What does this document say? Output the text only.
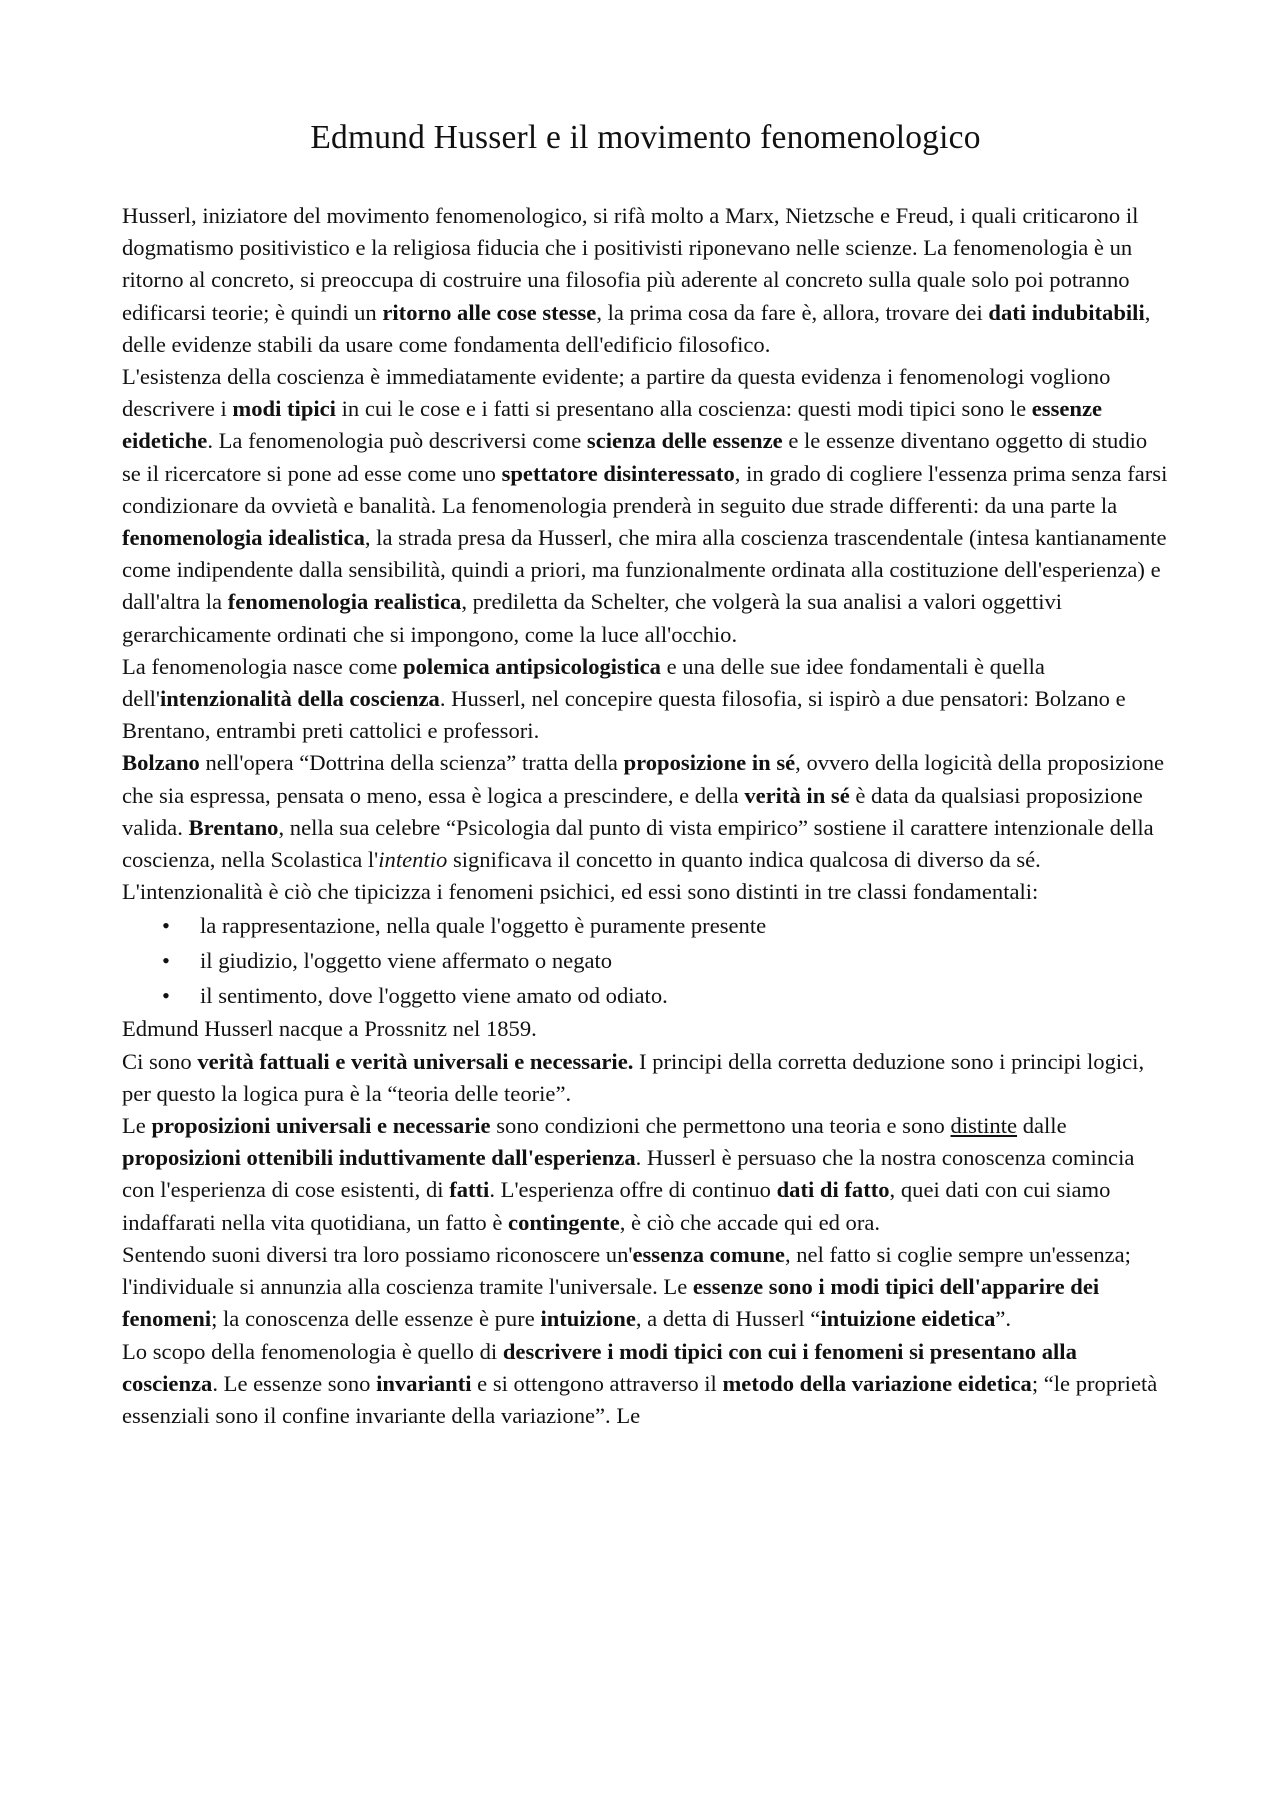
Edmund Husserl e il movimento fenomenologico

Husserl, iniziatore del movimento fenomenologico, si rifà molto a Marx, Nietzsche e Freud, i quali criticarono il dogmatismo positivistico e la religiosa fiducia che i positivisti riponevano nelle scienze. La fenomenologia è un ritorno al concreto, si preoccupa di costruire una filosofia più aderente al concreto sulla quale solo poi potranno edificarsi teorie; è quindi un ritorno alle cose stesse, la prima cosa da fare è, allora, trovare dei dati indubitabili, delle evidenze stabili da usare come fondamenta dell'edificio filosofico.

L'esistenza della coscienza è immediatamente evidente; a partire da questa evidenza i fenomenologi vogliono descrivere i modi tipici in cui le cose e i fatti si presentano alla coscienza: questi modi tipici sono le essenze eidetiche. La fenomenologia può descriversi come scienza delle essenze e le essenze diventano oggetto di studio se il ricercatore si pone ad esse come uno spettatore disinteressato, in grado di cogliere l'essenza prima senza farsi condizionare da ovvietà e banalità. La fenomenologia prenderà in seguito due strade differenti: da una parte la fenomenologia idealistica, la strada presa da Husserl, che mira alla coscienza trascendentale (intesa kantianamente come indipendente dalla sensibilità, quindi a priori, ma funzionalmente ordinata alla costituzione dell'esperienza) e dall'altra la fenomenologia realistica, prediletta da Schelter, che volgerà la sua analisi a valori oggettivi gerarchicamente ordinati che si impongono, come la luce all'occhio.

La fenomenologia nasce come polemica antipsicologistica e una delle sue idee fondamentali è quella dell'intenzionalità della coscienza. Husserl, nel concepire questa filosofia, si ispirò a due pensatori: Bolzano e Brentano, entrambi preti cattolici e professori.

Bolzano nell'opera “Dottrina della scienza” tratta della proposizione in sé, ovvero della logicità della proposizione che sia espressa, pensata o meno, essa è logica a prescindere, e della verità in sé è data da qualsiasi proposizione valida. Brentano, nella sua celebre “Psicologia dal punto di vista empirico” sostiene il carattere intenzionale della coscienza, nella Scolastica l'intentio significava il concetto in quanto indica qualcosa di diverso da sé.

L'intenzionalità è ciò che tipicizza i fenomeni psichici, ed essi sono distinti in tre classi fondamentali:

• la rappresentazione, nella quale l'oggetto è puramente presente
• il giudizio, l'oggetto viene affermato o negato
• il sentimento, dove l'oggetto viene amato od odiato.

Edmund Husserl nacque a Prossnitz nel 1859.

Ci sono verità fattuali e verità universali e necessarie. I principi della corretta deduzione sono i principi logici, per questo la logica pura è la “teoria delle teorie”.

Le proposizioni universali e necessarie sono condizioni che permettono una teoria e sono distinte dalle proposizioni ottenibili induttivamente dall'esperienza. Husserl è persuaso che la nostra conoscenza comincia con l'esperienza di cose esistenti, di fatti. L'esperienza offre di continuo dati di fatto, quei dati con cui siamo indaffarati nella vita quotidiana, un fatto è contingente, è ciò che accade qui ed ora.

Sentendo suoni diversi tra loro possiamo riconoscere un'essenza comune, nel fatto si coglie sempre un'essenza; l'individuale si annunzia alla coscienza tramite l'universale. Le essenze sono i modi tipici dell'apparire dei fenomeni; la conoscenza delle essenze è pure intuizione, a detta di Husserl “intuizione eidetica”.

Lo scopo della fenomenologia è quello di descrivere i modi tipici con cui i fenomeni si presentano alla coscienza. Le essenze sono invarianti e si ottengono attraverso il metodo della variazione eidetica; “le proprietà essenziali sono il confine invariante della variazione”. Le
